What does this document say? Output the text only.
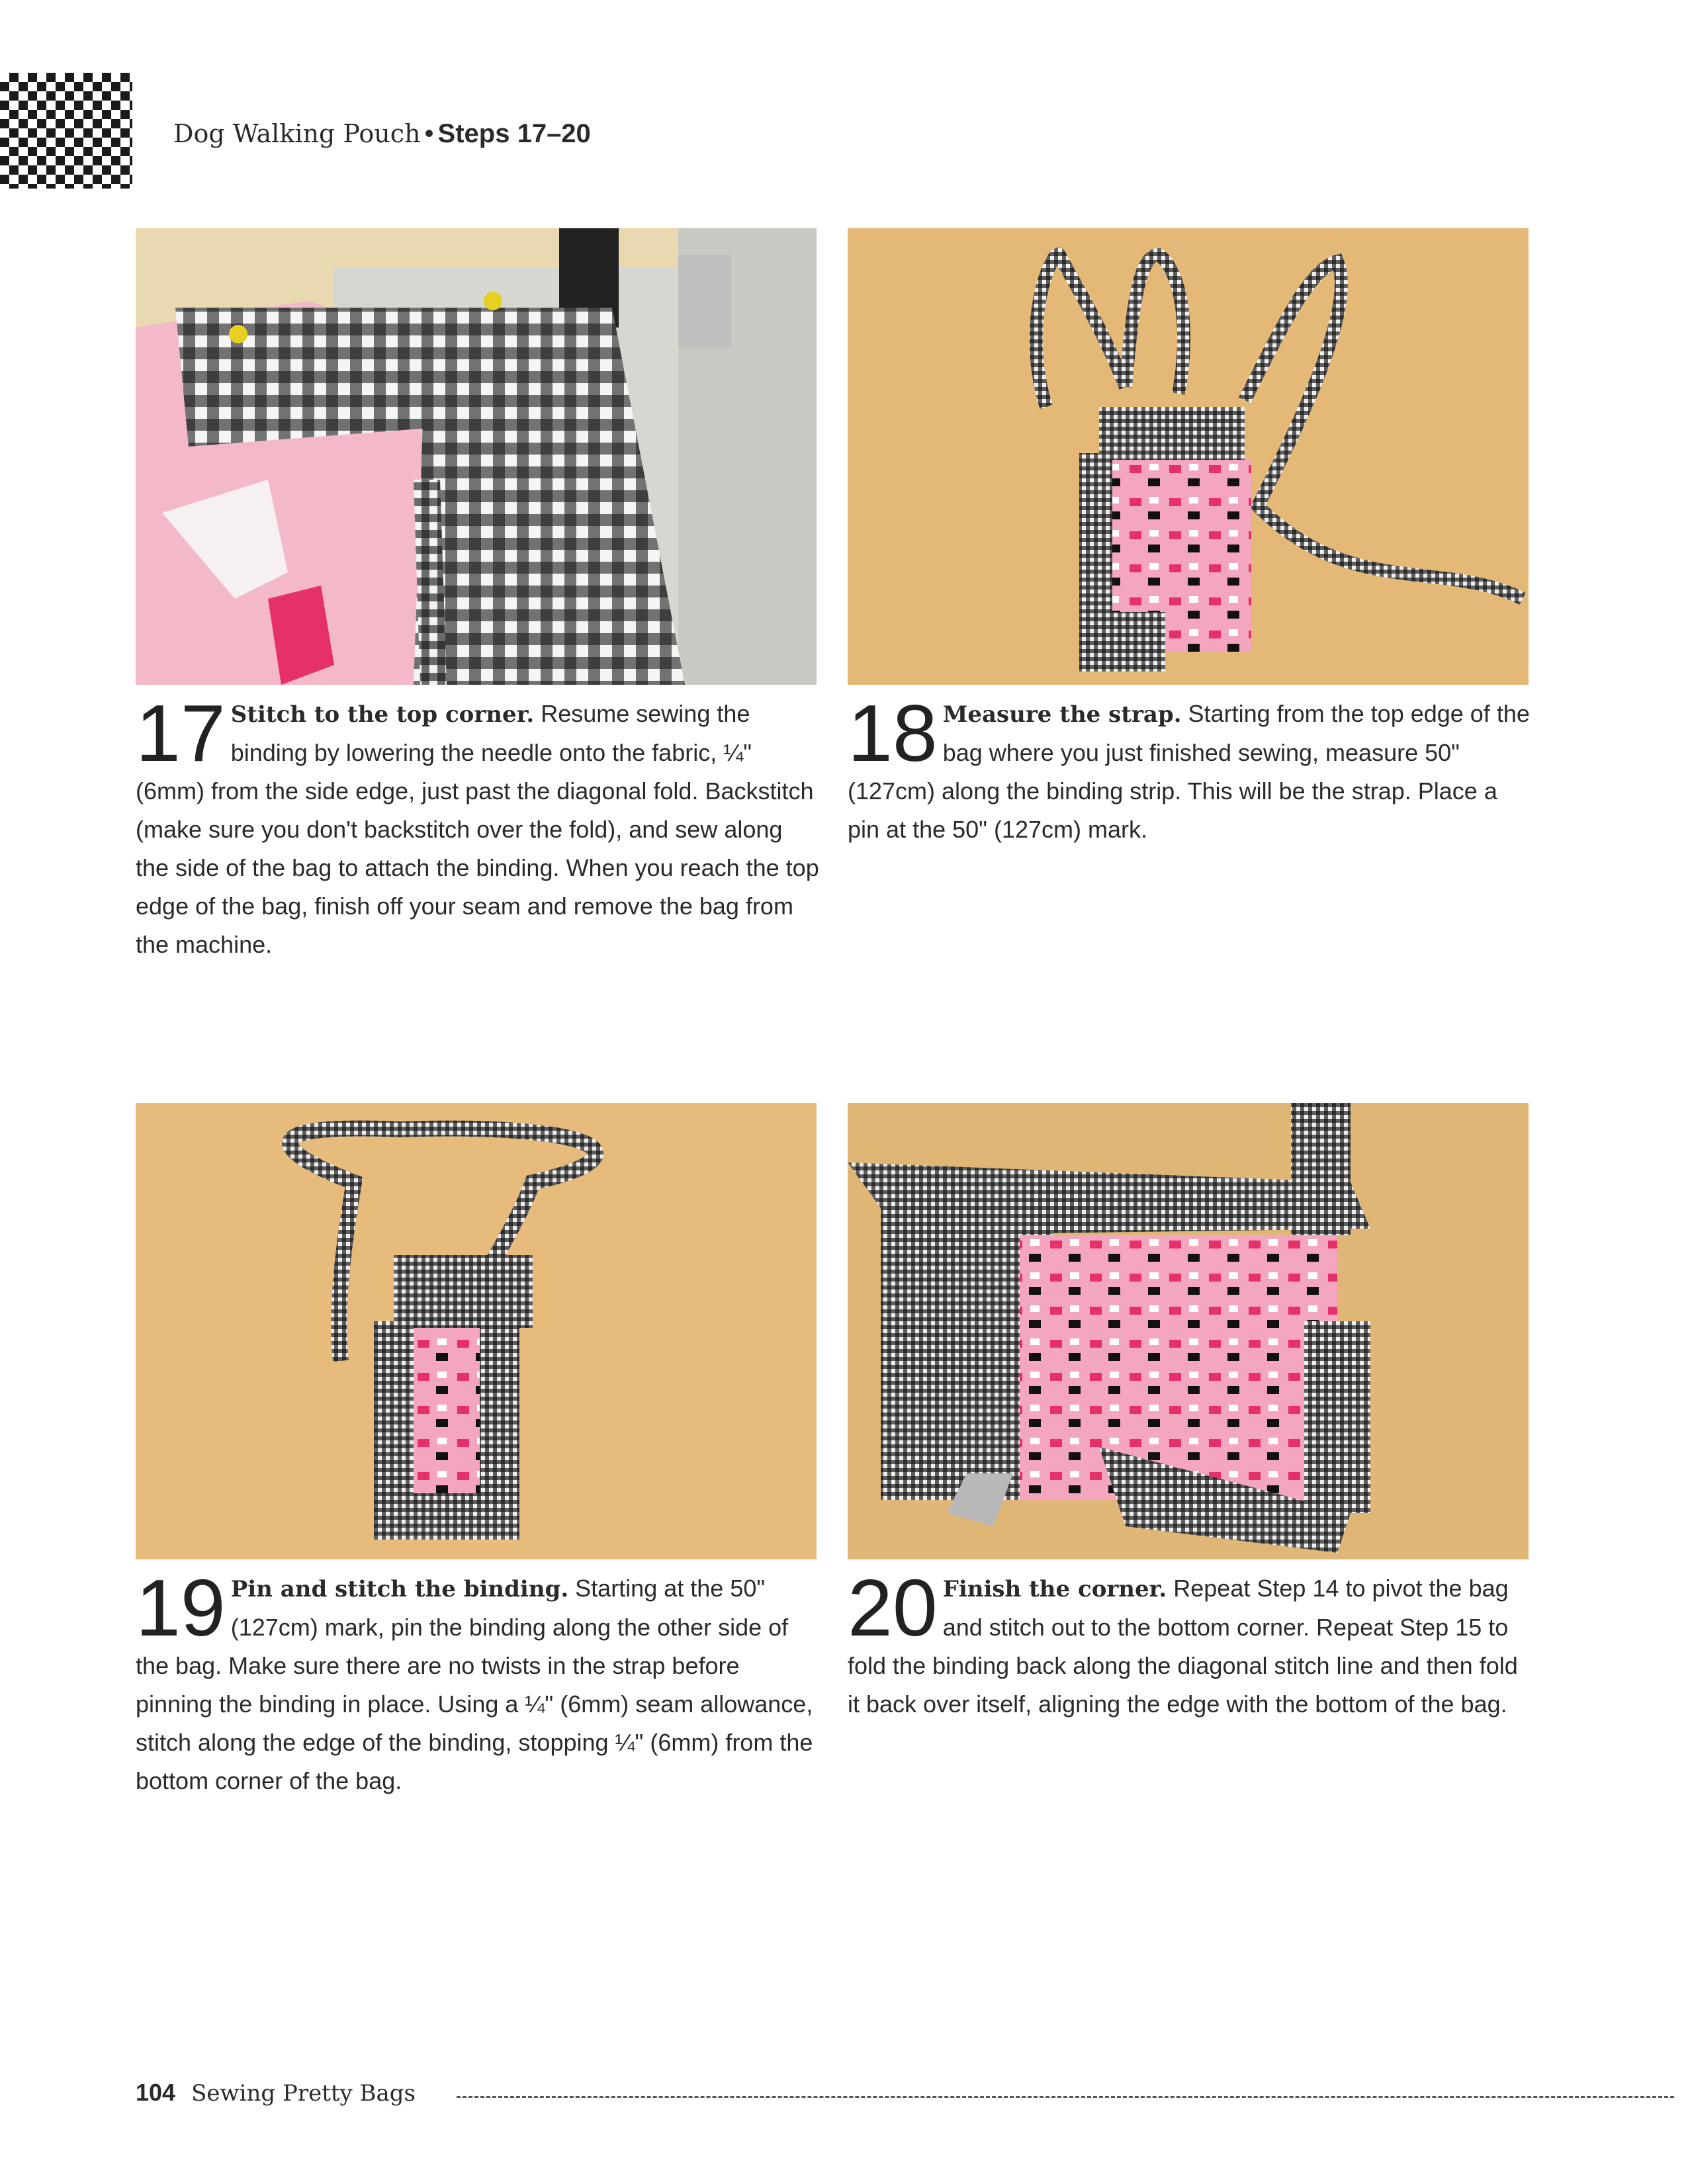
Dog Walking Pouch • Steps 17–20
17 Stitch to the top corner. Resume sewing the binding by lowering the needle onto the fabric, ¼" (6mm) from the side edge, just past the diagonal fold. Backstitch (make sure you don't backstitch over the fold), and sew along the side of the bag to attach the binding. When you reach the top edge of the bag, finish off your seam and remove the bag from the machine.
18 Measure the strap. Starting from the top edge of the bag where you just finished sewing, measure 50" (127cm) along the binding strip. This will be the strap. Place a pin at the 50" (127cm) mark.
19 Pin and stitch the binding. Starting at the 50" (127cm) mark, pin the binding along the other side of the bag. Make sure there are no twists in the strap before pinning the binding in place. Using a ¼" (6mm) seam allowance, stitch along the edge of the binding, stopping ¼" (6mm) from the bottom corner of the bag.
20 Finish the corner. Repeat Step 14 to pivot the bag and stitch out to the bottom corner. Repeat Step 15 to fold the binding back along the diagonal stitch line and then fold it back over itself, aligning the edge with the bottom of the bag.
104 Sewing Pretty Bags
